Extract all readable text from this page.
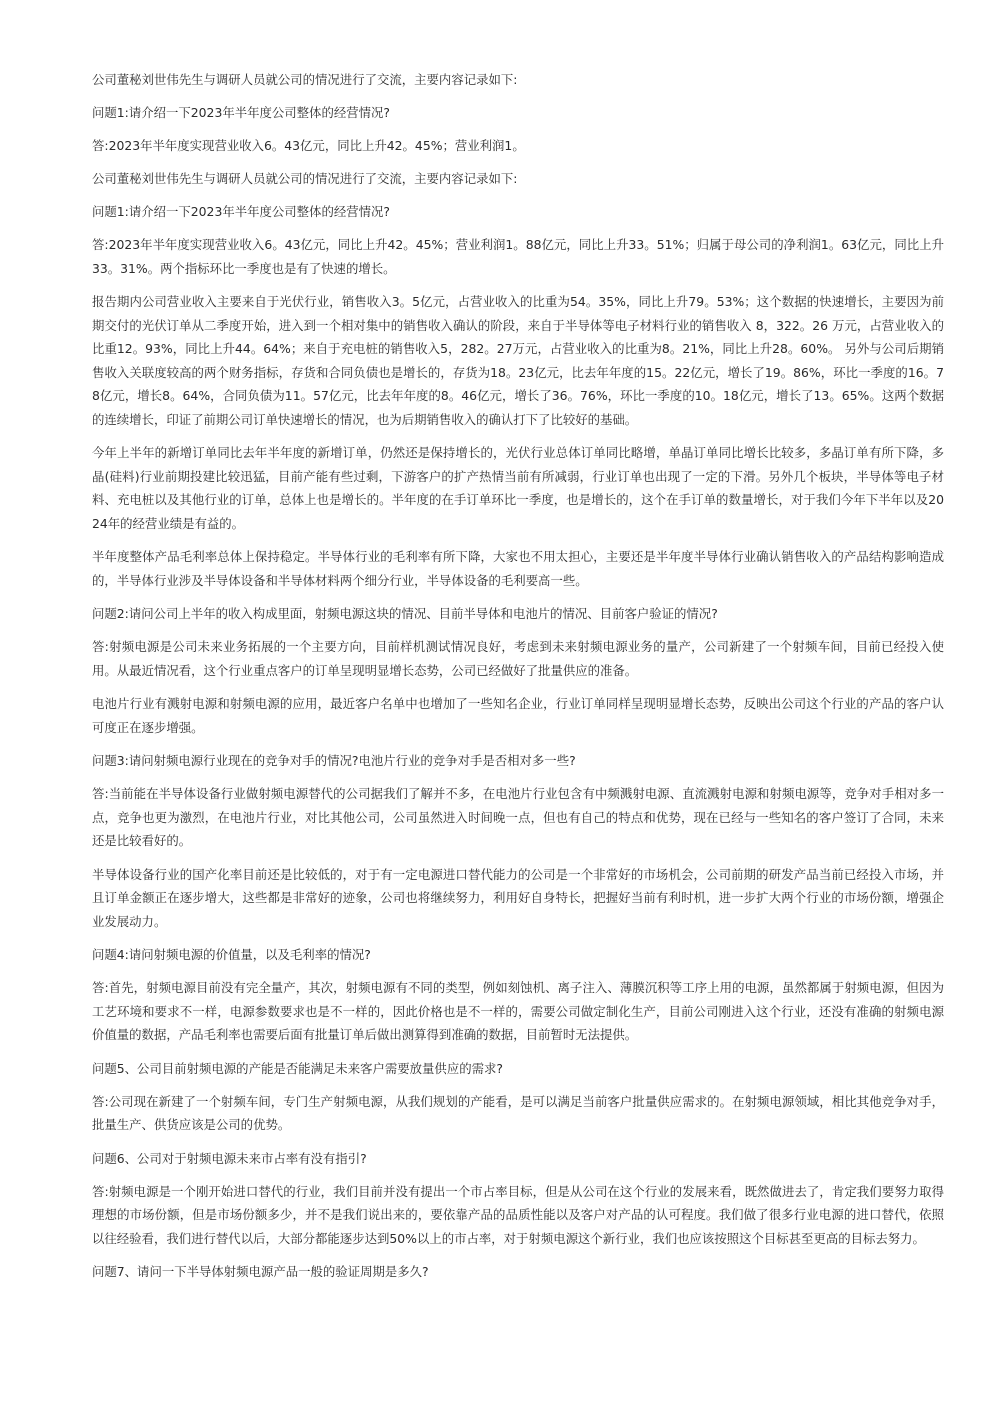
公司董秘刘世伟先生与调研人员就公司的情况进行了交流，主要内容记录如下:

问题1:请介绍一下2023年半年度公司整体的经营情况?

答:2023年半年度实现营业收入6。43亿元，同比上升42。45%；营业利润1。

公司董秘刘世伟先生与调研人员就公司的情况进行了交流，主要内容记录如下:

问题1:请介绍一下2023年半年度公司整体的经营情况?

答:2023年半年度实现营业收入6。43亿元，同比上升42。45%；营业利润1。88亿元，同比上升33。51%；归属于母公司的净利润1。63亿元，同比上升33。31%。两个指标环比一季度也是有了快速的增长。

报告期内公司营业收入主要来自于光伏行业，销售收入3。5亿元，占营业收入的比重为54。35%，同比上升79。53%；这个数据的快速增长，主要因为前期交付的光伏订单从二季度开始，进入到一个相对集中的销售收入确认的阶段，来自于半导体等电子材料行业的销售收入 8，322。26 万元，占营业收入的比重12。93%，同比上升44。64%；来自于充电桩的销售收入5，282。27万元，占营业收入的比重为8。21%，同比上升28。60%。 另外与公司后期销售收入关联度较高的两个财务指标，存货和合同负债也是增长的，存货为18。23亿元，比去年年度的15。22亿元，增长了19。86%，环比一季度的16。78亿元，增长8。64%，合同负债为11。57亿元，比去年年度的8。46亿元，增长了36。76%，环比一季度的10。18亿元，增长了13。65%。这两个数据的连续增长，印证了前期公司订单快速增长的情况，也为后期销售收入的确认打下了比较好的基础。

今年上半年的新增订单同比去年半年度的新增订单，仍然还是保持增长的，光伏行业总体订单同比略增，单晶订单同比增长比较多，多晶订单有所下降，多晶(硅料)行业前期投建比较迅猛，目前产能有些过剩，下游客户的扩产热情当前有所减弱，行业订单也出现了一定的下滑。另外几个板块，半导体等电子材料、充电桩以及其他行业的订单，总体上也是增长的。半年度的在手订单环比一季度，也是增长的，这个在手订单的数量增长，对于我们今年下半年以及2024年的经营业绩是有益的。

半年度整体产品毛利率总体上保持稳定。半导体行业的毛利率有所下降，大家也不用太担心，主要还是半年度半导体行业确认销售收入的产品结构影响造成的，半导体行业涉及半导体设备和半导体材料两个细分行业，半导体设备的毛利要高一些。

问题2:请问公司上半年的收入构成里面，射频电源这块的情况、目前半导体和电池片的情况、目前客户验证的情况?

答:射频电源是公司未来业务拓展的一个主要方向，目前样机测试情况良好，考虑到未来射频电源业务的量产，公司新建了一个射频车间，目前已经投入使用。从最近情况看，这个行业重点客户的订单呈现明显增长态势，公司已经做好了批量供应的准备。

电池片行业有溅射电源和射频电源的应用，最近客户名单中也增加了一些知名企业，行业订单同样呈现明显增长态势，反映出公司这个行业的产品的客户认可度正在逐步增强。

问题3:请问射频电源行业现在的竞争对手的情况?电池片行业的竞争对手是否相对多一些?

答:当前能在半导体设备行业做射频电源替代的公司据我们了解并不多，在电池片行业包含有中频溅射电源、直流溅射电源和射频电源等，竞争对手相对多一点，竞争也更为激烈，在电池片行业，对比其他公司，公司虽然进入时间晚一点，但也有自己的特点和优势，现在已经与一些知名的客户签订了合同，未来还是比较看好的。

半导体设备行业的国产化率目前还是比较低的，对于有一定电源进口替代能力的公司是一个非常好的市场机会，公司前期的研发产品当前已经投入市场，并且订单金额正在逐步增大，这些都是非常好的迹象，公司也将继续努力，利用好自身特长，把握好当前有利时机，进一步扩大两个行业的市场份额，增强企业发展动力。

问题4:请问射频电源的价值量，以及毛利率的情况?

答:首先，射频电源目前没有完全量产，其次，射频电源有不同的类型，例如刻蚀机、离子注入、薄膜沉积等工序上用的电源，虽然都属于射频电源，但因为工艺环境和要求不一样，电源参数要求也是不一样的，因此价格也是不一样的，需要公司做定制化生产，目前公司刚进入这个行业，还没有准确的射频电源价值量的数据，产品毛利率也需要后面有批量订单后做出测算得到准确的数据，目前暂时无法提供。

问题5、公司目前射频电源的产能是否能满足未来客户需要放量供应的需求?

答:公司现在新建了一个射频车间，专门生产射频电源，从我们规划的产能看，是可以满足当前客户批量供应需求的。在射频电源领域，相比其他竞争对手，批量生产、供货应该是公司的优势。

问题6、公司对于射频电源未来市占率有没有指引?

答:射频电源是一个刚开始进口替代的行业，我们目前并没有提出一个市占率目标，但是从公司在这个行业的发展来看，既然做进去了，肯定我们要努力取得理想的市场份额，但是市场份额多少，并不是我们说出来的，要依靠产品的品质性能以及客户对产品的认可程度。我们做了很多行业电源的进口替代，依照以往经验看，我们进行替代以后，大部分都能逐步达到50%以上的市占率，对于射频电源这个新行业，我们也应该按照这个目标甚至更高的目标去努力。

问题7、请问一下半导体射频电源产品一般的验证周期是多久?
